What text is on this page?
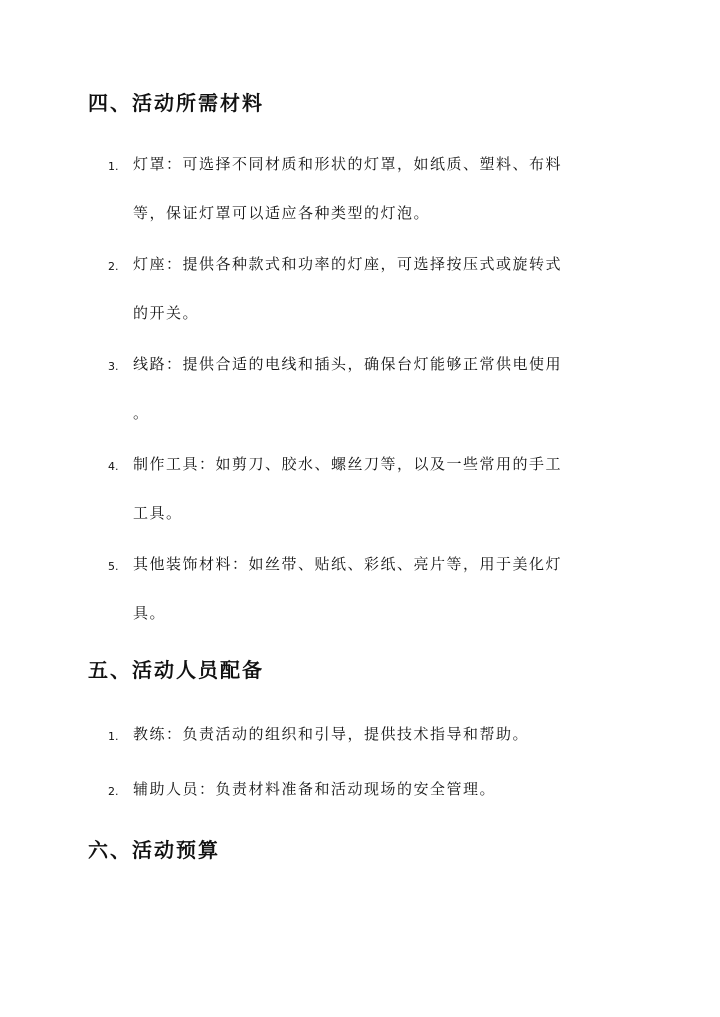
四、活动所需材料
1. 灯罩：可选择不同材质和形状的灯罩，如纸质、塑料、布料
等，保证灯罩可以适应各种类型的灯泡。
2. 灯座：提供各种款式和功率的灯座，可选择按压式或旋转式
的开关。
3. 线路：提供合适的电线和插头，确保台灯能够正常供电使用
。
4. 制作工具：如剪刀、胶水、螺丝刀等，以及一些常用的手工
工具。
5. 其他装饰材料：如丝带、贴纸、彩纸、亮片等，用于美化灯
具。
五、活动人员配备
1. 教练：负责活动的组织和引导，提供技术指导和帮助。
2. 辅助人员：负责材料准备和活动现场的安全管理。
六、活动预算
